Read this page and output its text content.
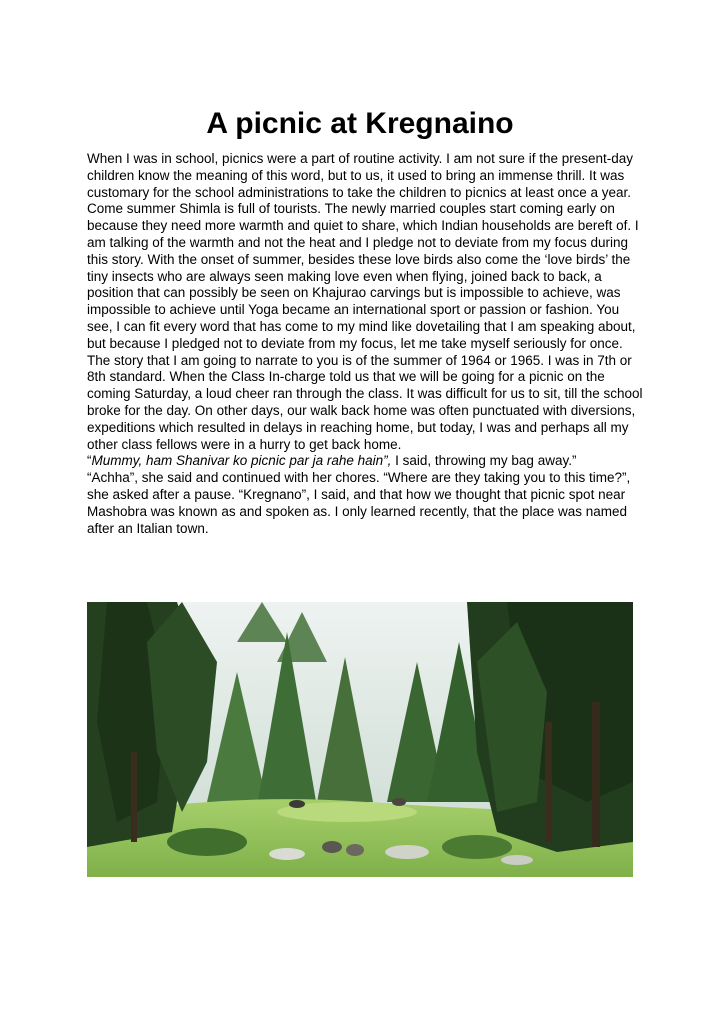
A picnic at Kregnaino

When I was in school, picnics were a part of routine activity. I am not sure if the present-day children know the meaning of this word, but to us, it used to bring an immense thrill. It was customary for the school administrations to take the children to picnics at least once a year.

Come summer Shimla is full of tourists. The newly married couples start coming early on because they need more warmth and quiet to share, which Indian households are bereft of. I am talking of the warmth and not the heat and I pledge not to deviate from my focus during this story. With the onset of summer, besides these love birds also come the ‘love birds’ the tiny insects who are always seen making love even when flying, joined back to back, a position that can possibly be seen on Khajurao carvings but is impossible to achieve, was impossible to achieve until Yoga became an international sport or passion or fashion. You see, I can fit every word that has come to my mind like dovetailing that I am speaking about, but because I pledged not to deviate from my focus, let me take myself seriously for once.

The story that I am going to narrate to you is of the summer of 1964 or 1965. I was in 7th or 8th standard. When the Class In-charge told us that we will be going for a picnic on the coming Saturday, a loud cheer ran through the class. It was difficult for us to sit, till the school broke for the day. On other days, our walk back home was often punctuated with diversions, expeditions which resulted in delays in reaching home, but today, I was and perhaps all my other class fellows were in a hurry to get back home.

“Mummy, ham Shanivar ko picnic par ja rahe hain”, I said, throwing my bag away.”

“Achha”, she said and continued with her chores. “Where are they taking you to this time?”, she asked after a pause. “Kregnano”, I said, and that how we thought that picnic spot near Mashobra was known as and spoken as. I only learned recently, that the place was named after an Italian town.
